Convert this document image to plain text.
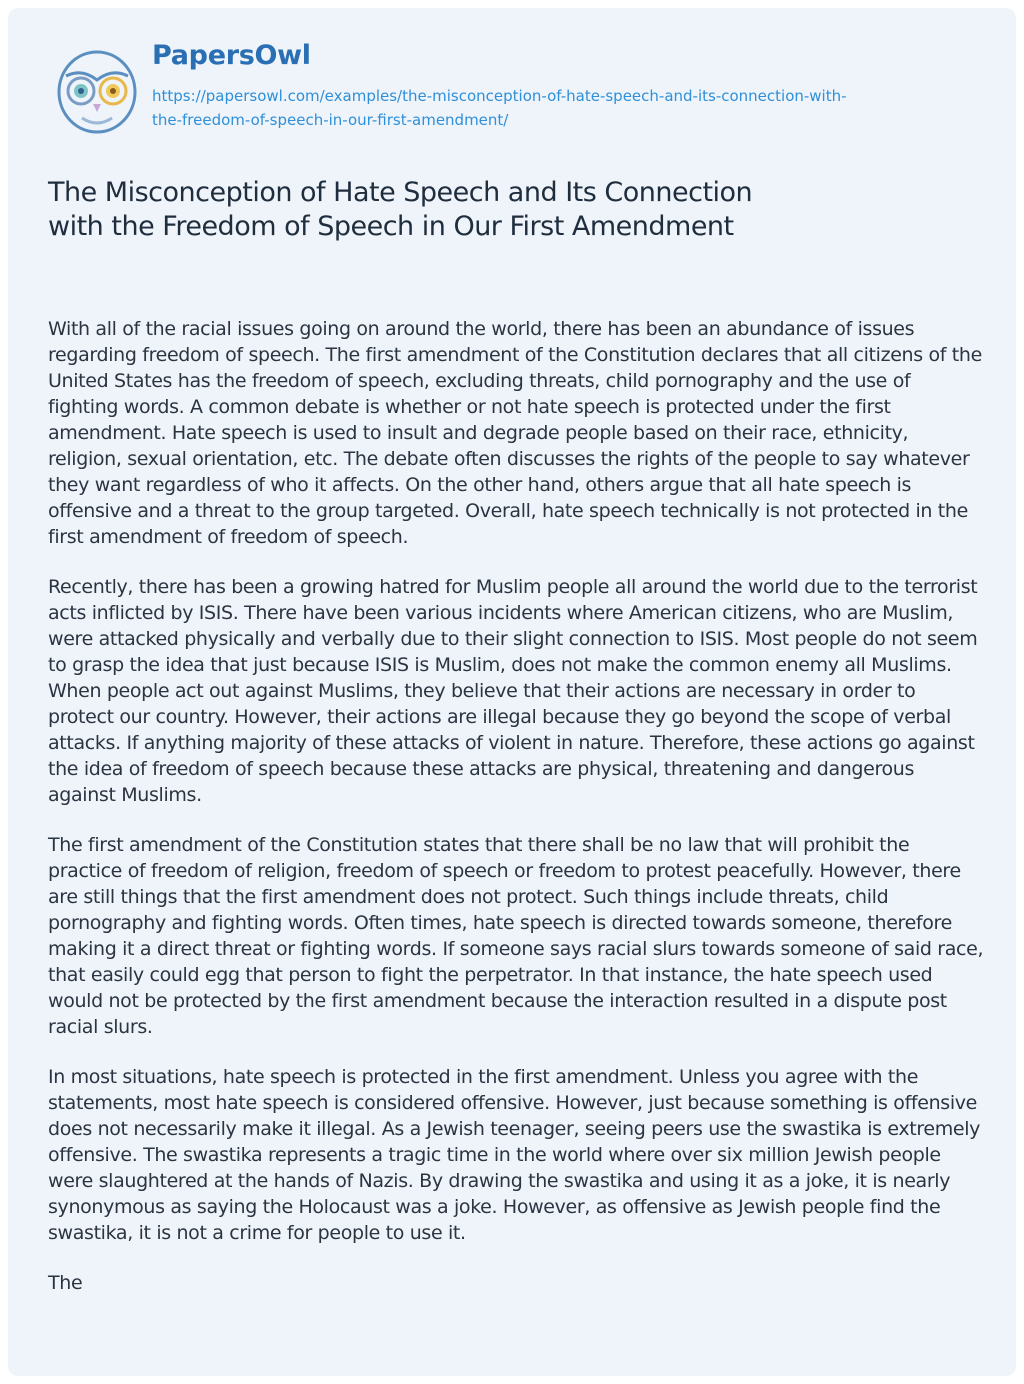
PapersOwl
https://papersowl.com/examples/the-misconception-of-hate-speech-and-its-connection-with-
the-freedom-of-speech-in-our-first-amendment/
The Misconception of Hate Speech and Its Connection with the Freedom of Speech in Our First Amendment

With all of the racial issues going on around the world, there has been an abundance of issues regarding freedom of speech. The first amendment of the Constitution declares that all citizens of the United States has the freedom of speech, excluding threats, child pornography and the use of fighting words. A common debate is whether or not hate speech is protected under the first amendment. Hate speech is used to insult and degrade people based on their race, ethnicity, religion, sexual orientation, etc. The debate often discusses the rights of the people to say whatever they want regardless of who it affects. On the other hand, others argue that all hate speech is offensive and a threat to the group targeted. Overall, hate speech technically is not protected in the first amendment of freedom of speech.

Recently, there has been a growing hatred for Muslim people all around the world due to the terrorist acts inflicted by ISIS. There have been various incidents where American citizens, who are Muslim, were attacked physically and verbally due to their slight connection to ISIS. Most people do not seem to grasp the idea that just because ISIS is Muslim, does not make the common enemy all Muslims. When people act out against Muslims, they believe that their actions are necessary in order to protect our country. However, their actions are illegal because they go beyond the scope of verbal attacks. If anything majority of these attacks of violent in nature. Therefore, these actions go against the idea of freedom of speech because these attacks are physical, threatening and dangerous against Muslims.

The first amendment of the Constitution states that there shall be no law that will prohibit the practice of freedom of religion, freedom of speech or freedom to protest peacefully. However, there are still things that the first amendment does not protect. Such things include threats, child pornography and fighting words. Often times, hate speech is directed towards someone, therefore making it a direct threat or fighting words. If someone says racial slurs towards someone of said race, that easily could egg that person to fight the perpetrator. In that instance, the hate speech used would not be protected by the first amendment because the interaction resulted in a dispute post racial slurs.

In most situations, hate speech is protected in the first amendment. Unless you agree with the statements, most hate speech is considered offensive. However, just because something is offensive does not necessarily make it illegal. As a Jewish teenager, seeing peers use the swastika is extremely offensive. The swastika represents a tragic time in the world where over six million Jewish people were slaughtered at the hands of Nazis. By drawing the swastika and using it as a joke, it is nearly synonymous as saying the Holocaust was a joke. However, as offensive as Jewish people find the swastika, it is not a crime for people to use it.

The
